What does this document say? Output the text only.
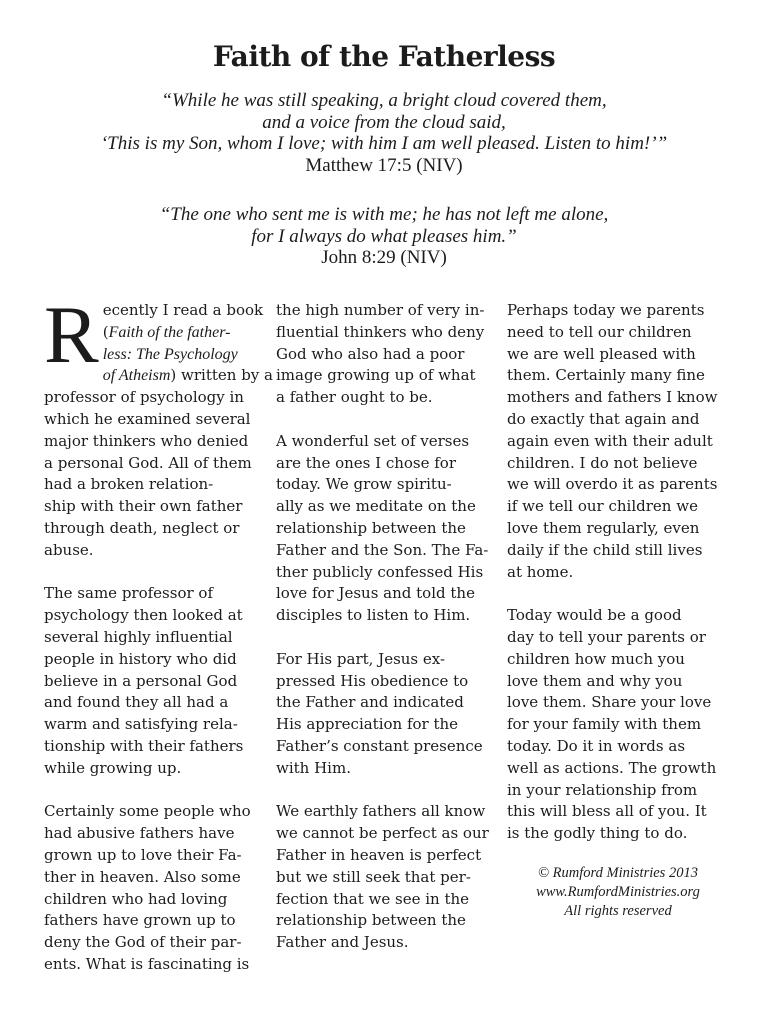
Faith of the Fatherless
“While he was still speaking, a bright cloud covered them,
and a voice from the cloud said,
‘This is my Son, whom I love; with him I am well pleased. Listen to him!’”
Matthew 17:5 (NIV)
“The one who sent me is with me; he has not left me alone,
for I always do what pleases him.”
John 8:29 (NIV)

R ecently I read a book
(Faith of the father-
less: The Psychology
of Atheism) written by a
professor of psychology in
which he examined several
major thinkers who denied
a personal God. All of them
had a broken relation-
ship with their own father
through death, neglect or
abuse.

The same professor of
psychology then looked at
several highly influential
people in history who did
believe in a personal God
and found they all had a
warm and satisfying rela-
tionship with their fathers
while growing up.

Certainly some people who
had abusive fathers have
grown up to love their Fa-
ther in heaven. Also some
children who had loving
fathers have grown up to
deny the God of their par-
ents. What is fascinating is

the high number of very in-
fluential thinkers who deny
God who also had a poor
image growing up of what
a father ought to be.

A wonderful set of verses
are the ones I chose for
today. We grow spiritu-
ally as we meditate on the
relationship between the
Father and the Son. The Fa-
ther publicly confessed His
love for Jesus and told the
disciples to listen to Him.

For His part, Jesus ex-
pressed His obedience to
the Father and indicated
His appreciation for the
Father’s constant presence
with Him.

We earthly fathers all know
we cannot be perfect as our
Father in heaven is perfect
but we still seek that per-
fection that we see in the
relationship between the
Father and Jesus.

Perhaps today we parents
need to tell our children
we are well pleased with
them. Certainly many fine
mothers and fathers I know
do exactly that again and
again even with their adult
children. I do not believe
we will overdo it as parents
if we tell our children we
love them regularly, even
daily if the child still lives
at home.

Today would be a good
day to tell your parents or
children how much you
love them and why you
love them. Share your love
for your family with them
today. Do it in words as
well as actions. The growth
in your relationship from
this will bless all of you. It
is the godly thing to do.

© Rumford Ministries 2013
www.RumfordMinistries.org
All rights reserved
